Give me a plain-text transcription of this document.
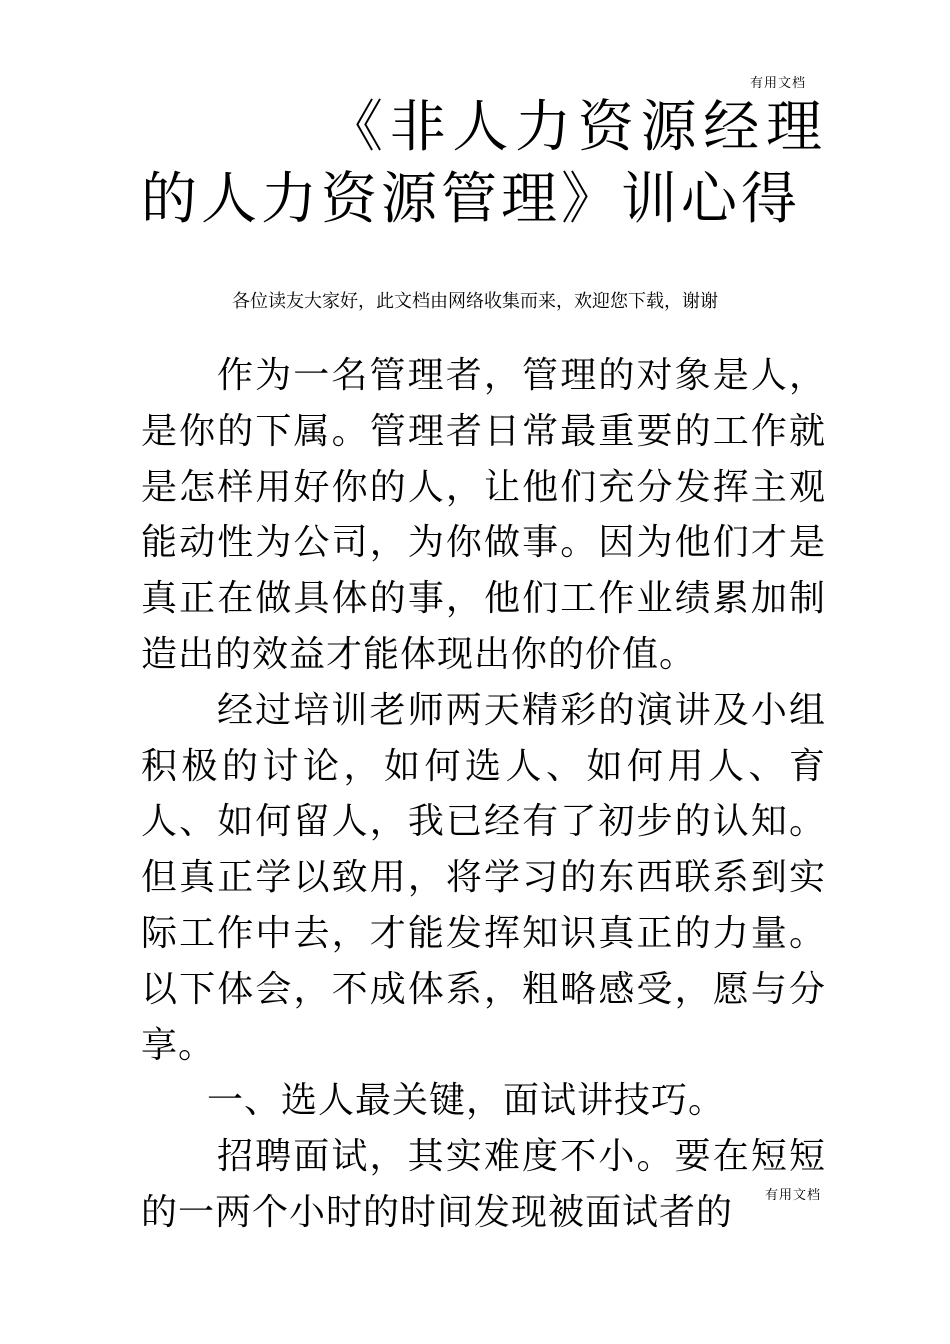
有用文档
《非人力资源经理的人力资源管理》训心得
各位读友大家好，此文档由网络收集而来，欢迎您下载，谢谢

作为一名管理者，管理的对象是人，是你的下属。管理者日常最重要的工作就是怎样用好你的人，让他们充分发挥主观能动性为公司，为你做事。因为他们才是真正在做具体的事，他们工作业绩累加制造出的效益才能体现出你的价值。

经过培训老师两天精彩的演讲及小组积极的讨论，如何选人、如何用人、育人、如何留人，我已经有了初步的认知。但真正学以致用，将学习的东西联系到实际工作中去，才能发挥知识真正的力量。以下体会，不成体系，粗略感受，愿与分享。

一、选人最关键，面试讲技巧。

招聘面试，其实难度不小。要在短短的一两个小时的时间发现被面试者的	有用文档
